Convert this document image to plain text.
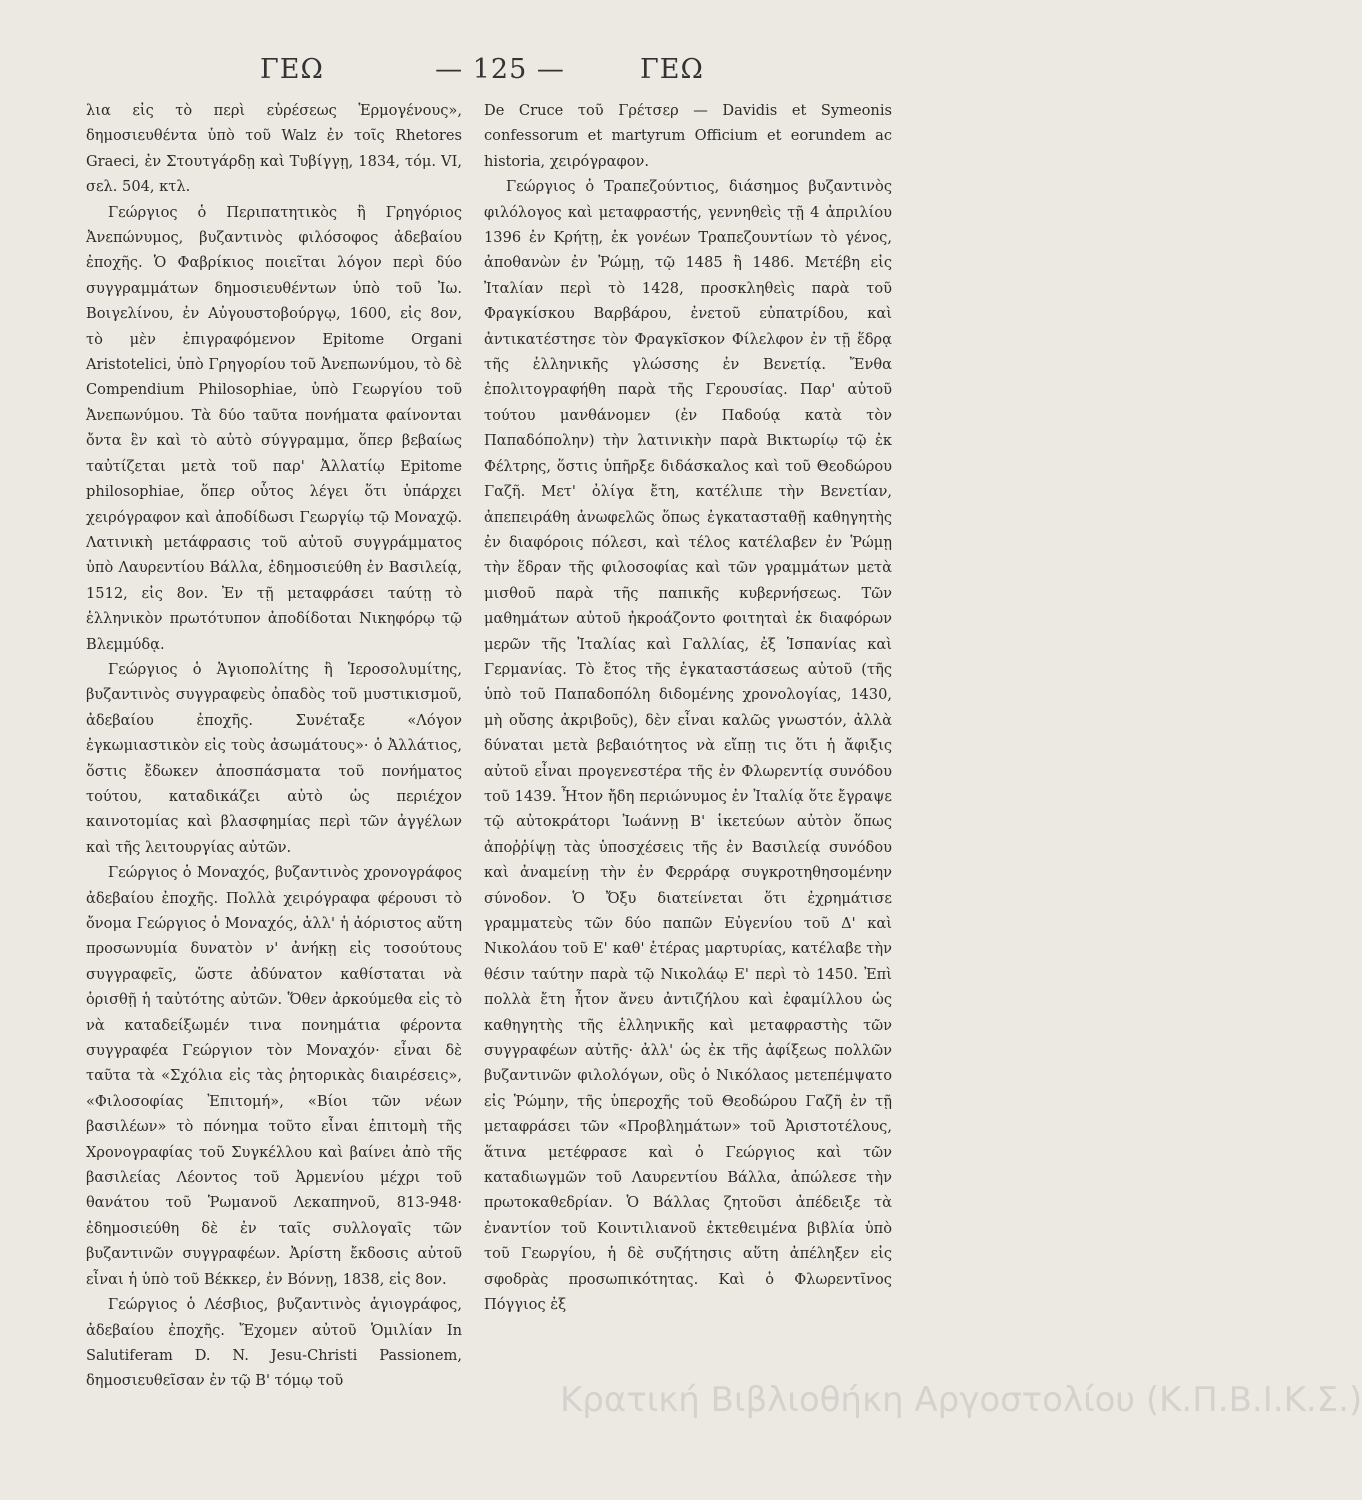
ΓΕΩ	— 125 —	ΓΕΩ

λια εἰς τὸ περὶ εὑρέσεως Ἑρμογένους», δημοσιευθέντα ὑπὸ τοῦ Walz ἐν τοῖς Rhetores Graeci, ἐν Στουτγάρδῃ καὶ Τυβίγγῃ, 1834, τόμ. VI, σελ. 504, κτλ.

Γεώργιος ὁ Περιπατητικὸς ἢ Γρηγόριος Ἀνεπώνυμος, βυζαντινὸς φιλόσοφος ἀδεβαίου ἐποχῆς. Ὁ Φαβρίκιος ποιεῖται λόγον περὶ δύο συγγραμμάτων δημοσιευθέντων ὑπὸ τοῦ Ἰω. Βοιγελίνου, ἐν Αὐγουστοβούργῳ, 1600, εἰς 8ον, τὸ μὲν ἐπιγραφόμενον Epitome Organi Aristotelici, ὑπὸ Γρηγορίου τοῦ Ἀνεπωνύμου, τὸ δὲ Compendium Philosophiae, ὑπὸ Γεωργίου τοῦ Ἀνεπωνύμου. Τὰ δύο ταῦτα πονήματα φαίνονται ὄντα ἓν καὶ τὸ αὐτὸ σύγγραμμα, ὅπερ βεβαίως ταὐτίζεται μετὰ τοῦ παρ' Ἀλλατίῳ Epitome philosophiae, ὅπερ οὗτος λέγει ὅτι ὑπάρχει χειρόγραφον καὶ ἀποδίδωσι Γεωργίῳ τῷ Μοναχῷ. Λατινικὴ μετάφρασις τοῦ αὐτοῦ συγγράμματος ὑπὸ Λαυρεντίου Βάλλα, ἐδημοσιεύθη ἐν Βασιλείᾳ, 1512, εἰς 8ον. Ἐν τῇ μεταφράσει ταύτῃ τὸ ἑλληνικὸν πρωτότυπον ἀποδίδοται Νικηφόρῳ τῷ Βλεμμύδᾳ.

Γεώργιος ὁ Ἁγιοπολίτης ἢ Ἱεροσολυμίτης, βυζαντινὸς συγγραφεὺς ὀπαδὸς τοῦ μυστικισμοῦ, ἀδεβαίου ἐποχῆς. Συνέταξε «Λόγον ἐγκωμιαστικὸν εἰς τοὺς ἀσωμάτους»· ὁ Ἀλλάτιος, ὅστις ἔδωκεν ἀποσπάσματα τοῦ πονήματος τούτου, καταδικάζει αὐτὸ ὡς περιέχον καινοτομίας καὶ βλασφημίας περὶ τῶν ἀγγέλων καὶ τῆς λειτουργίας αὐτῶν.

Γεώργιος ὁ Μοναχός, βυζαντινὸς χρονογράφος ἀδεβαίου ἐποχῆς. Πολλὰ χειρόγραφα φέρουσι τὸ ὄνομα Γεώργιος ὁ Μοναχός, ἀλλ' ἡ ἀόριστος αὕτη προσωνυμία δυνατὸν ν' ἀνήκῃ εἰς τοσούτους συγγραφεῖς, ὥστε ἀδύνατον καθίσταται νὰ ὁρισθῇ ἡ ταὐτότης αὐτῶν. Ὅθεν ἀρκούμεθα εἰς τὸ νὰ καταδείξωμέν τινα πονημάτια φέροντα συγγραφέα Γεώργιον τὸν Μοναχόν· εἶναι δὲ ταῦτα τὰ «Σχόλια εἰς τὰς ῥητορικὰς διαιρέσεις», «Φιλοσοφίας Ἐπιτομή», «Βίοι τῶν νέων βασιλέων» τὸ πόνημα τοῦτο εἶναι ἐπιτομὴ τῆς Χρονογραφίας τοῦ Συγκέλλου καὶ βαίνει ἀπὸ τῆς βασιλείας Λέοντος τοῦ Ἀρμενίου μέχρι τοῦ θανάτου τοῦ Ῥωμανοῦ Λεκαπηνοῦ, 813-948· ἐδημοσιεύθη δὲ ἐν ταῖς συλλογαῖς τῶν βυζαντινῶν συγγραφέων. Ἀρίστη ἔκδοσις αὐτοῦ εἶναι ἡ ὑπὸ τοῦ Βέκκερ, ἐν Βόννῃ, 1838, εἰς 8ον.

Γεώργιος ὁ Λέσβιος, βυζαντινὸς ἁγιογράφος, ἀδεβαίου ἐποχῆς. Ἔχομεν αὐτοῦ Ὁμιλίαν In Salutiferam D. N. Jesu-Christi Passionem, δημοσιευθεῖσαν ἐν τῷ Β' τόμῳ τοῦ

De Cruce τοῦ Γρέτσερ — Davidis et Symeonis confessorum et martyrum Officium et eorundem ac historia, χειρόγραφον.

Γεώργιος ὁ Τραπεζούντιος, διάσημος βυζαντινὸς φιλόλογος καὶ μεταφραστής, γεννηθεὶς τῇ 4 ἀπριλίου 1396 ἐν Κρήτῃ, ἐκ γονέων Τραπεζουντίων τὸ γένος, ἀποθανὼν ἐν Ῥώμῃ, τῷ 1485 ἢ 1486. Μετέβη εἰς Ἰταλίαν περὶ τὸ 1428, προσκληθεὶς παρὰ τοῦ Φραγκίσκου Βαρβάρου, ἐνετοῦ εὐπατρίδου, καὶ ἀντικατέστησε τὸν Φραγκῖσκον Φίλελφον ἐν τῇ ἕδρᾳ τῆς ἑλληνικῆς γλώσσης ἐν Βενετίᾳ. Ἔνθα ἐπολιτογραφήθη παρὰ τῆς Γερουσίας. Παρ' αὐτοῦ τούτου μανθάνομεν (ἐν Παδούᾳ κατὰ τὸν Παπαδόπολην) τὴν λατινικὴν παρὰ Βικτωρίῳ τῷ ἐκ Φέλτρης, ὅστις ὑπῆρξε διδάσκαλος καὶ τοῦ Θεοδώρου Γαζῆ. Μετ' ὀλίγα ἔτη, κατέλιπε τὴν Βενετίαν, ἀπεπειράθη ἀνωφελῶς ὅπως ἐγκατασταθῇ καθηγητὴς ἐν διαφόροις πόλεσι, καὶ τέλος κατέλαβεν ἐν Ῥώμῃ τὴν ἕδραν τῆς φιλοσοφίας καὶ τῶν γραμμάτων μετὰ μισθοῦ παρὰ τῆς παπικῆς κυβερνήσεως. Τῶν μαθημάτων αὐτοῦ ἠκροάζοντο φοιτηταὶ ἐκ διαφόρων μερῶν τῆς Ἰταλίας καὶ Γαλλίας, ἐξ Ἱσπανίας καὶ Γερμανίας. Τὸ ἔτος τῆς ἐγκαταστάσεως αὐτοῦ (τῆς ὑπὸ τοῦ Παπαδοπόλη διδομένης χρονολογίας, 1430, μὴ οὔσης ἀκριβοῦς), δὲν εἶναι καλῶς γνωστόν, ἀλλὰ δύναται μετὰ βεβαιότητος νὰ εἴπῃ τις ὅτι ἡ ἄφιξις αὐτοῦ εἶναι προγενεστέρα τῆς ἐν Φλωρεντίᾳ συνόδου τοῦ 1439. Ἦτον ἤδη περιώνυμος ἐν Ἰταλίᾳ ὅτε ἔγραψε τῷ αὐτοκράτορι Ἰωάννῃ Β' ἱκετεύων αὐτὸν ὅπως ἀποῤῥίψῃ τὰς ὑποσχέσεις τῆς ἐν Βασιλείᾳ συνόδου καὶ ἀναμείνῃ τὴν ἐν Φερράρᾳ συγκροτηθησομένην σύνοδον. Ὁ Ὄξυ διατείνεται ὅτι ἐχρημάτισε γραμματεὺς τῶν δύο παπῶν Εὐγενίου τοῦ Δ' καὶ Νικολάου τοῦ Ε' καθ' ἑτέρας μαρτυρίας, κατέλαβε τὴν θέσιν ταύτην παρὰ τῷ Νικολάῳ Ε' περὶ τὸ 1450. Ἐπὶ πολλὰ ἔτη ἦτον ἄνευ ἀντιζήλου καὶ ἐφαμίλλου ὡς καθηγητὴς τῆς ἑλληνικῆς καὶ μεταφραστὴς τῶν συγγραφέων αὐτῆς· ἀλλ' ὡς ἐκ τῆς ἀφίξεως πολλῶν βυζαντινῶν φιλολόγων, οὓς ὁ Νικόλαος μετεπέμψατο εἰς Ῥώμην, τῆς ὑπεροχῆς τοῦ Θεοδώρου Γαζῆ ἐν τῇ μεταφράσει τῶν «Προβλημάτων» τοῦ Ἀριστοτέλους, ἅτινα μετέφρασε καὶ ὁ Γεώργιος καὶ τῶν καταδιωγμῶν τοῦ Λαυρεντίου Βάλλα, ἀπώλεσε τὴν πρωτοκαθεδρίαν. Ὁ Βάλλας ζητοῦσι ἀπέδειξε τὰ ἐναντίον τοῦ Κοιντιλιανοῦ ἐκτεθειμένα βιβλία ὑπὸ τοῦ Γεωργίου, ἡ δὲ συζήτησις αὕτη ἀπέληξεν εἰς σφοδρὰς προσωπικότητας. Καὶ ὁ Φλωρεντῖνος Πόγγιος ἐξ

Κρατική Βιβλιοθήκη Αργοστολίου (Κ.Π.Β.Ι.Κ.Σ.)
